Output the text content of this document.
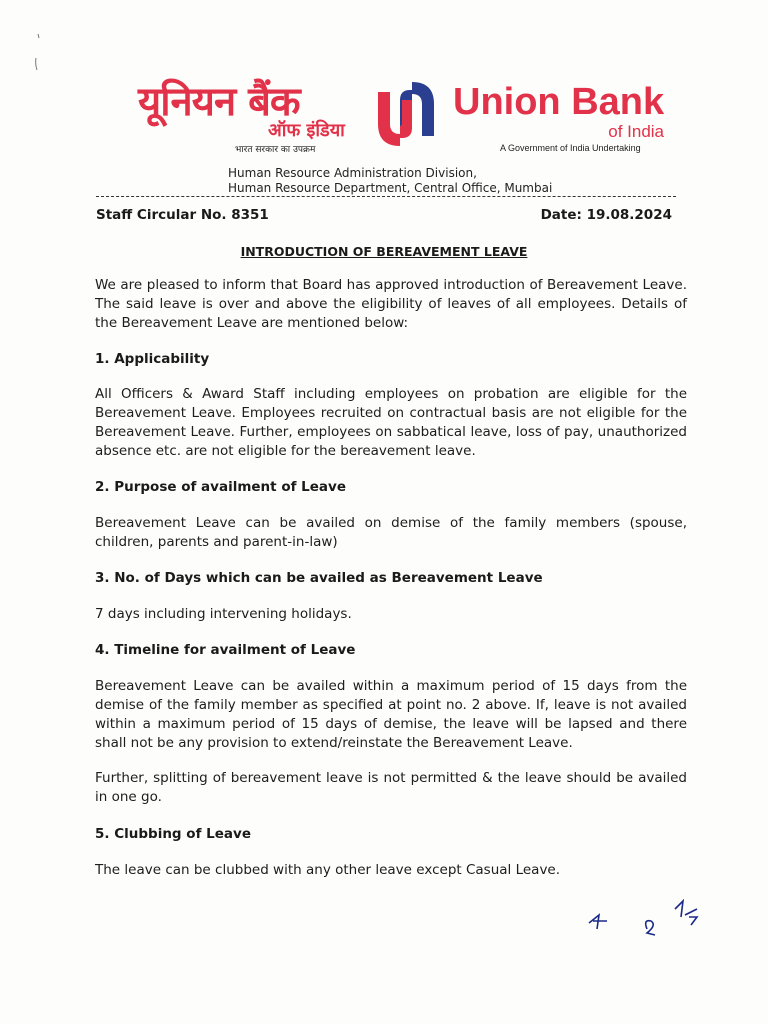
यूनियन बैंक
ऑफ इंडिया
भारत सरकार का उपक्रम
Union Bank
of India
A Government of India Undertaking
Human Resource Administration Division,
Human Resource Department, Central Office, Mumbai
Staff Circular No. 8351	Date: 19.08.2024
INTRODUCTION OF BEREAVEMENT LEAVE
We are pleased to inform that Board has approved introduction of Bereavement Leave. The said leave is over and above the eligibility of leaves of all employees. Details of the Bereavement Leave are mentioned below:
1. Applicability
All Officers & Award Staff including employees on probation are eligible for the Bereavement Leave. Employees recruited on contractual basis are not eligible for the Bereavement Leave. Further, employees on sabbatical leave, loss of pay, unauthorized absence etc. are not eligible for the bereavement leave.
2. Purpose of availment of Leave
Bereavement Leave can be availed on demise of the family members (spouse, children, parents and parent-in-law)
3. No. of Days which can be availed as Bereavement Leave
7 days including intervening holidays.
4. Timeline for availment of Leave
Bereavement Leave can be availed within a maximum period of 15 days from the demise of the family member as specified at point no. 2 above. If, leave is not availed within a maximum period of 15 days of demise, the leave will be lapsed and there shall not be any provision to extend/reinstate the Bereavement Leave.
Further, splitting of bereavement leave is not permitted & the leave should be availed in one go.
5. Clubbing of Leave
The leave can be clubbed with any other leave except Casual Leave.
